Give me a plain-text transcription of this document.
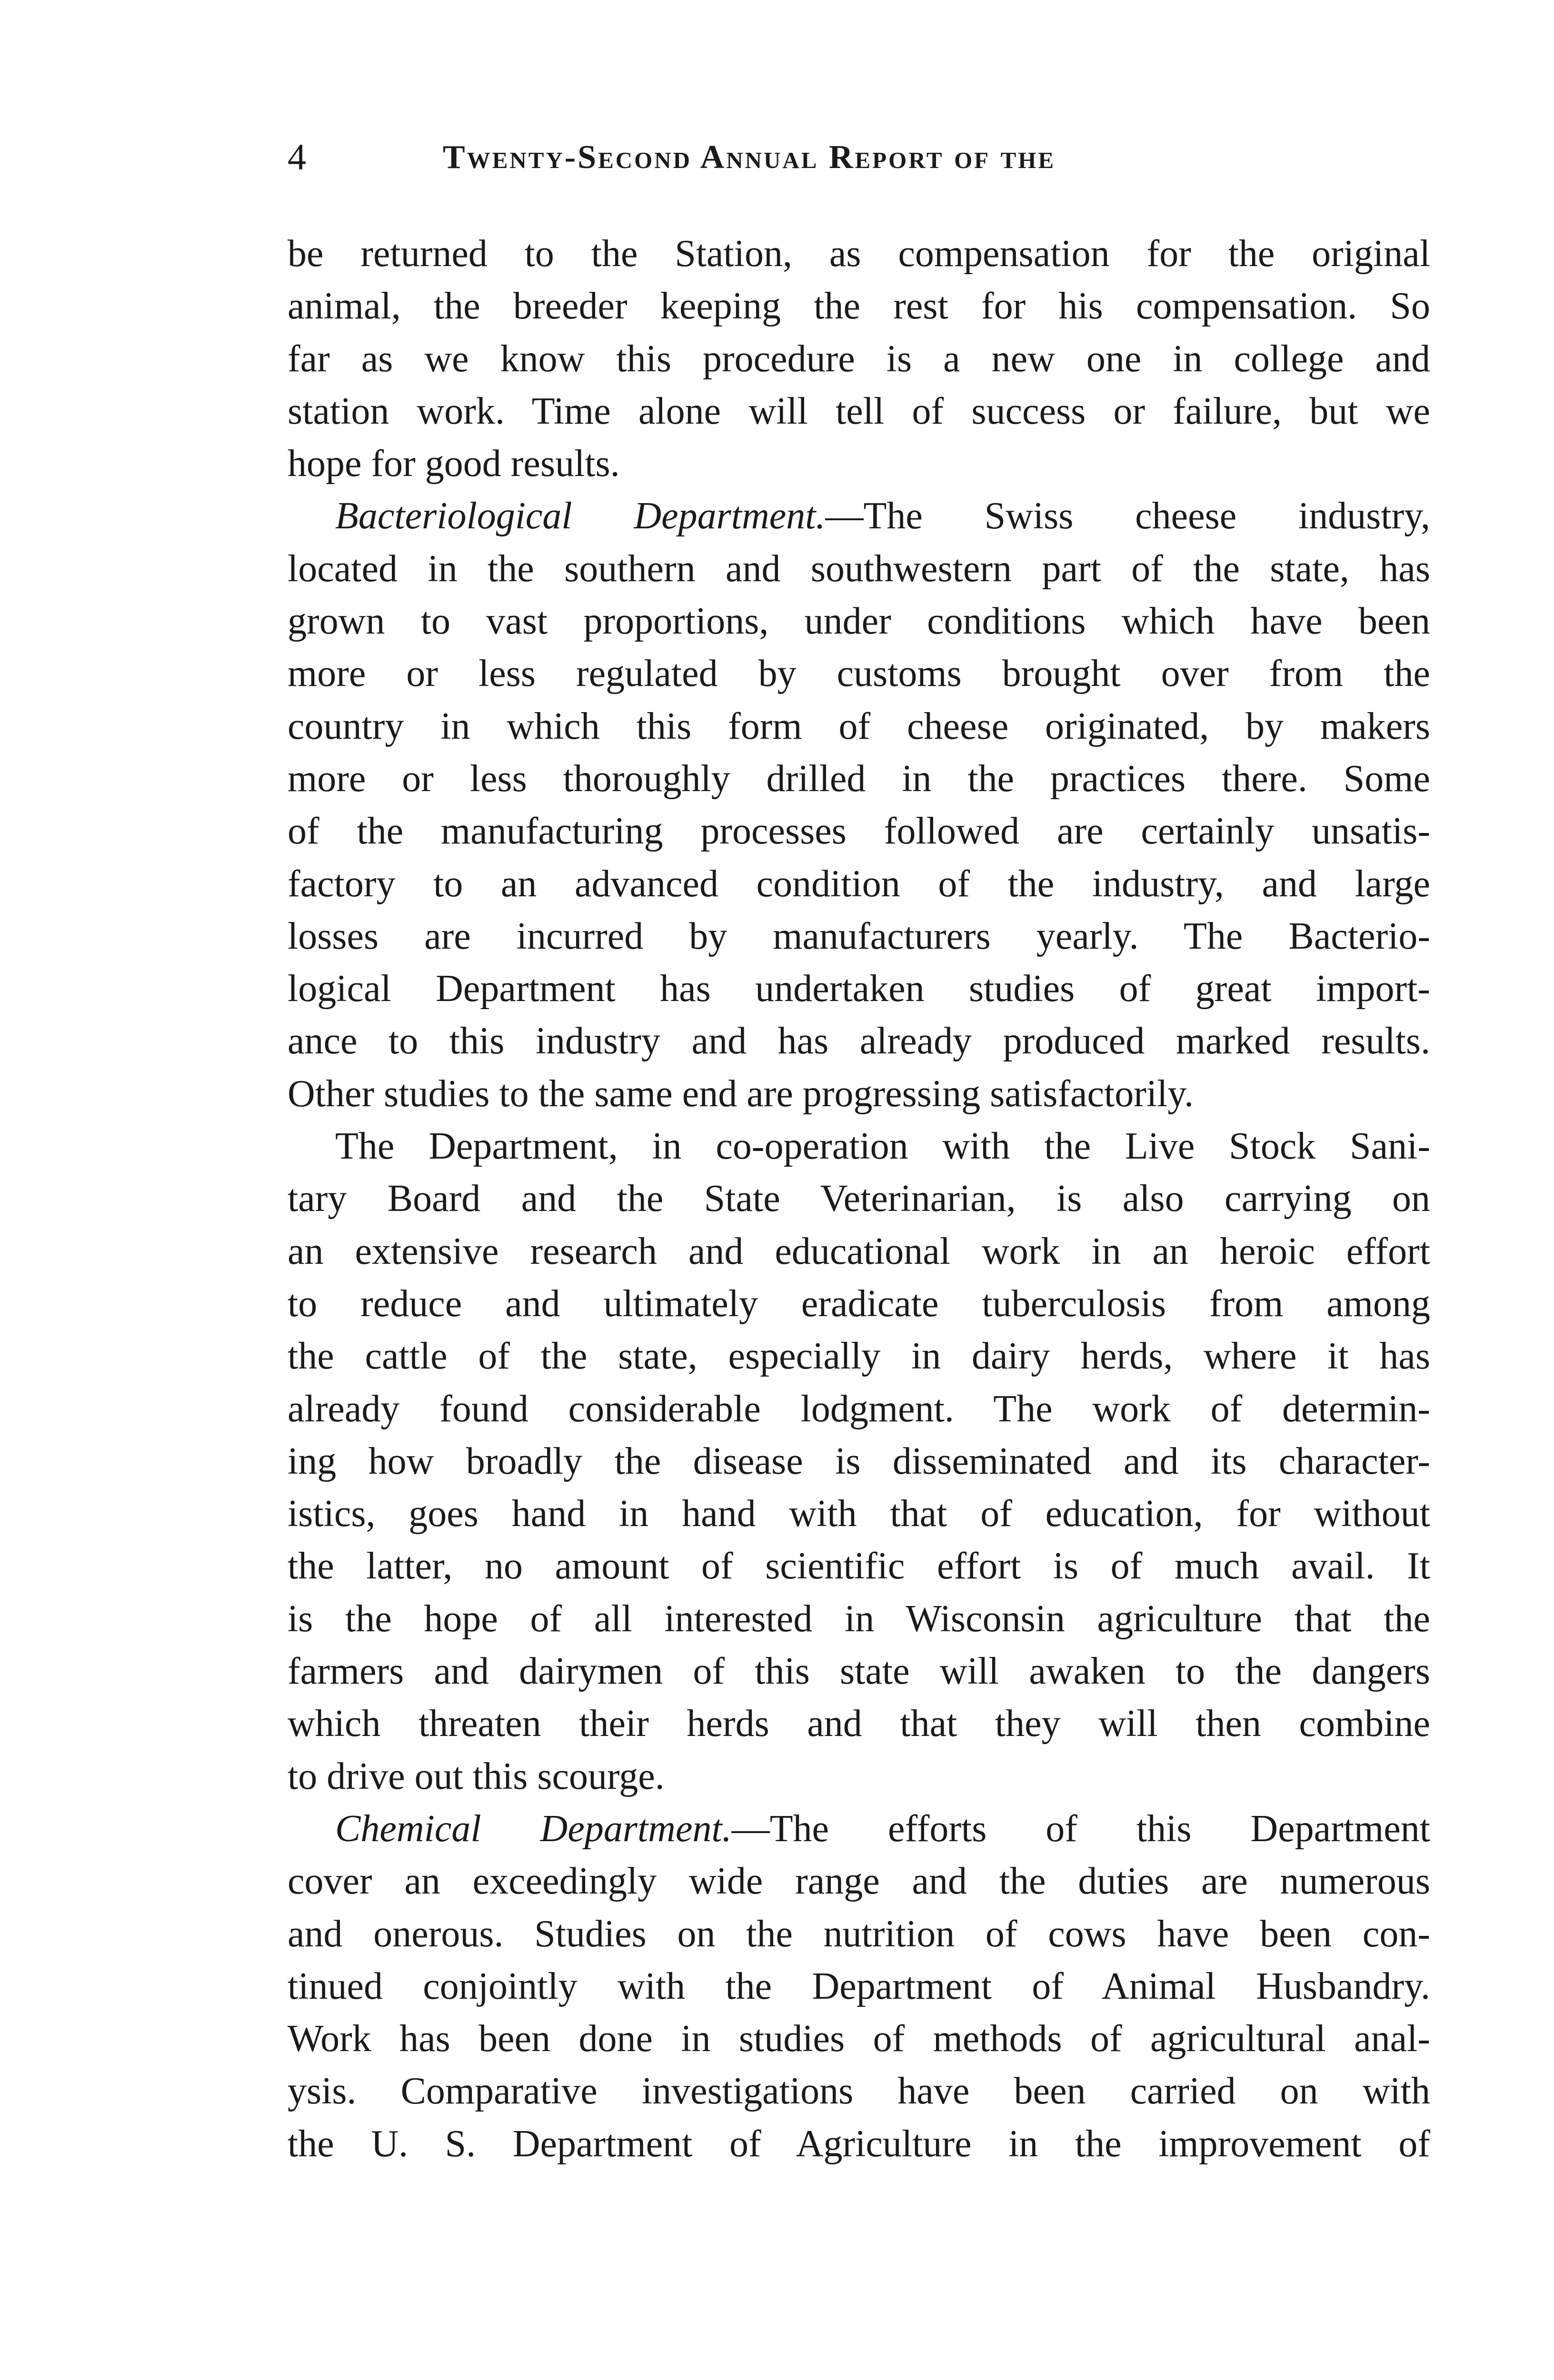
4	Twenty-Second Annual Report of the
be returned to the Station, as compensation for the original
animal, the breeder keeping the rest for his compensation. So
far as we know this procedure is a new one in college and
station work. Time alone will tell of success or failure, but we
hope for good results.
Bacteriological Department.—The Swiss cheese industry,
located in the southern and southwestern part of the state, has
grown to vast proportions, under conditions which have been
more or less regulated by customs brought over from the
country in which this form of cheese originated, by makers
more or less thoroughly drilled in the practices there. Some
of the manufacturing processes followed are certainly unsatis-
factory to an advanced condition of the industry, and large
losses are incurred by manufacturers yearly. The Bacterio-
logical Department has undertaken studies of great import-
ance to this industry and has already produced marked results.
Other studies to the same end are progressing satisfactorily.
The Department, in co-operation with the Live Stock Sani-
tary Board and the State Veterinarian, is also carrying on
an extensive research and educational work in an heroic effort
to reduce and ultimately eradicate tuberculosis from among
the cattle of the state, especially in dairy herds, where it has
already found considerable lodgment. The work of determin-
ing how broadly the disease is disseminated and its character-
istics, goes hand in hand with that of education, for without
the latter, no amount of scientific effort is of much avail. It
is the hope of all interested in Wisconsin agriculture that the
farmers and dairymen of this state will awaken to the dangers
which threaten their herds and that they will then combine
to drive out this scourge.
Chemical Department.—The efforts of this Department
cover an exceedingly wide range and the duties are numerous
and onerous. Studies on the nutrition of cows have been con-
tinued conjointly with the Department of Animal Husbandry.
Work has been done in studies of methods of agricultural anal-
ysis. Comparative investigations have been carried on with
the U. S. Department of Agriculture in the improvement of
